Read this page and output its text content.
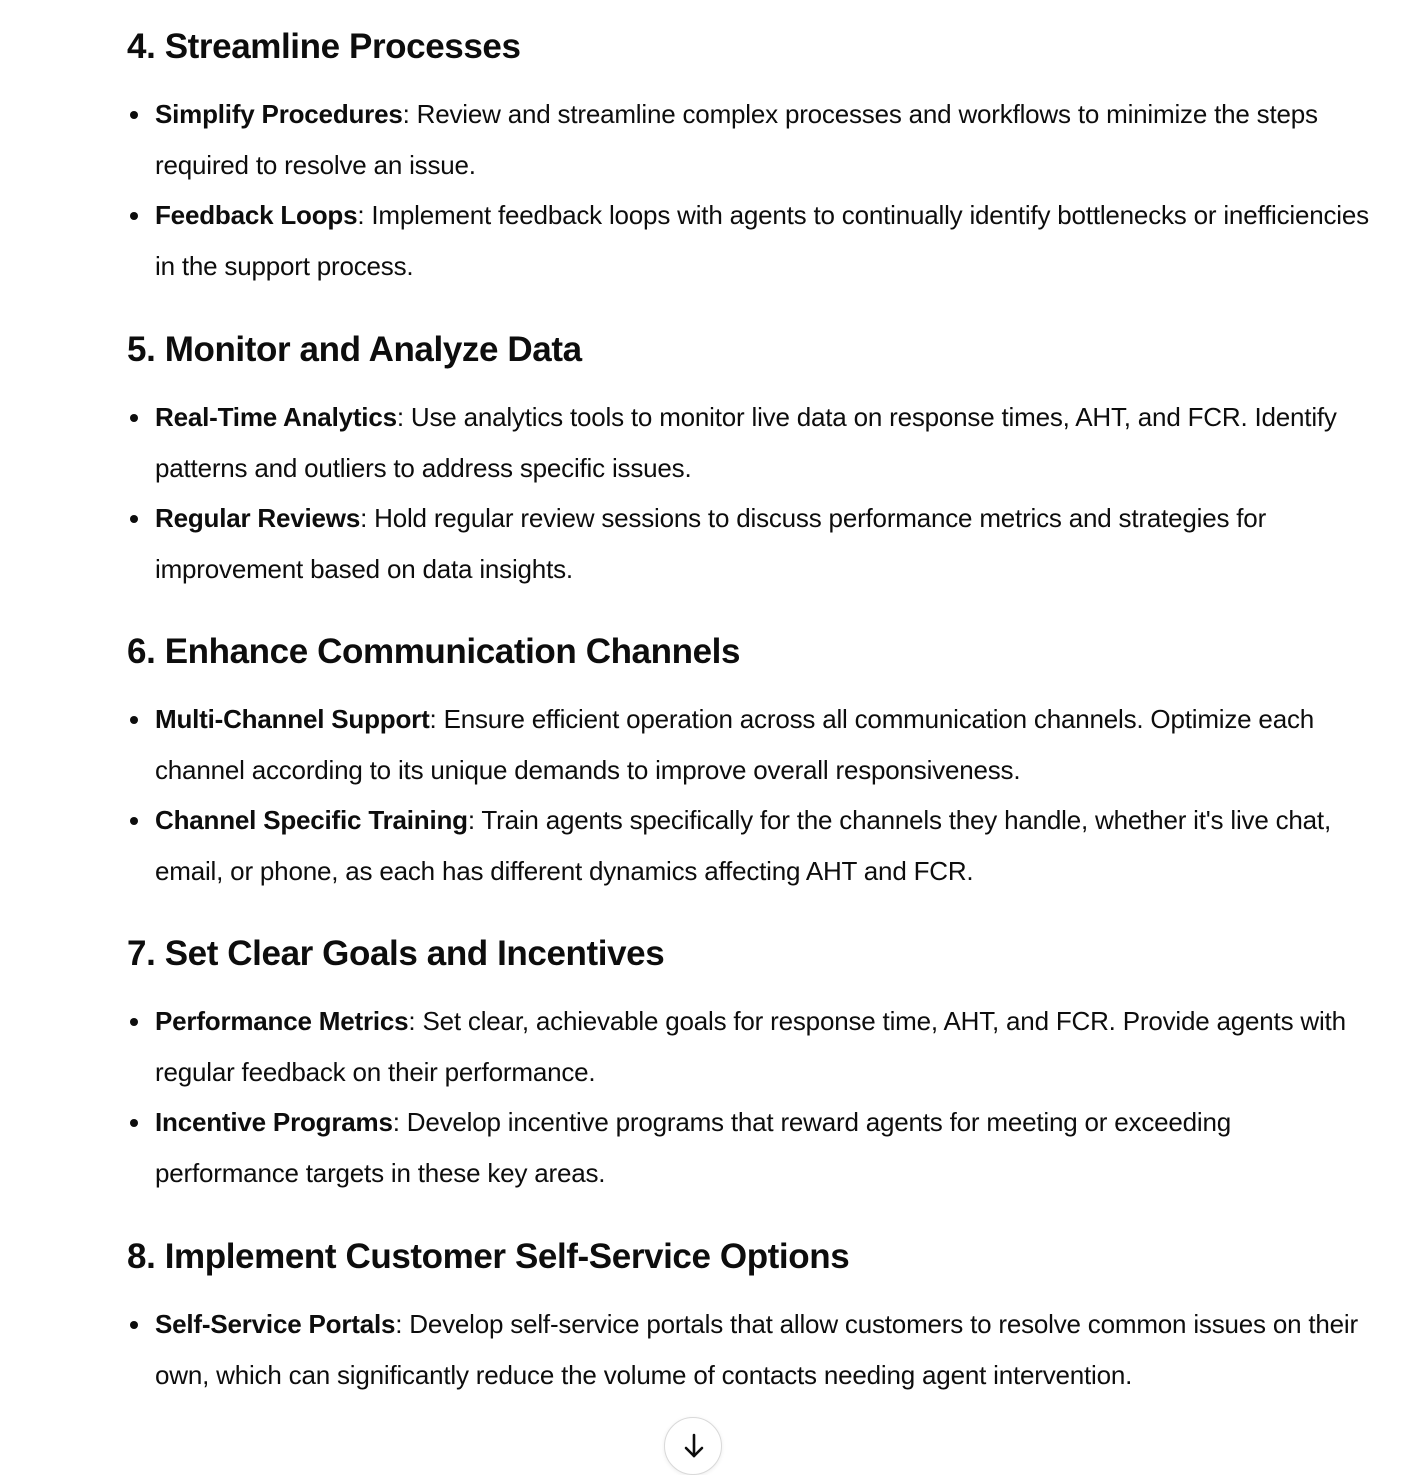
4. Streamline Processes
Simplify Procedures: Review and streamline complex processes and workflows to minimize the steps required to resolve an issue.
Feedback Loops: Implement feedback loops with agents to continually identify bottlenecks or inefficiencies in the support process.
5. Monitor and Analyze Data
Real-Time Analytics: Use analytics tools to monitor live data on response times, AHT, and FCR. Identify patterns and outliers to address specific issues.
Regular Reviews: Hold regular review sessions to discuss performance metrics and strategies for improvement based on data insights.
6. Enhance Communication Channels
Multi-Channel Support: Ensure efficient operation across all communication channels. Optimize each channel according to its unique demands to improve overall responsiveness.
Channel Specific Training: Train agents specifically for the channels they handle, whether it's live chat, email, or phone, as each has different dynamics affecting AHT and FCR.
7. Set Clear Goals and Incentives
Performance Metrics: Set clear, achievable goals for response time, AHT, and FCR. Provide agents with regular feedback on their performance.
Incentive Programs: Develop incentive programs that reward agents for meeting or exceeding performance targets in these key areas.
8. Implement Customer Self-Service Options
Self-Service Portals: Develop self-service portals that allow customers to resolve common issues on their own, which can significantly reduce the volume of contacts needing agent intervention.
